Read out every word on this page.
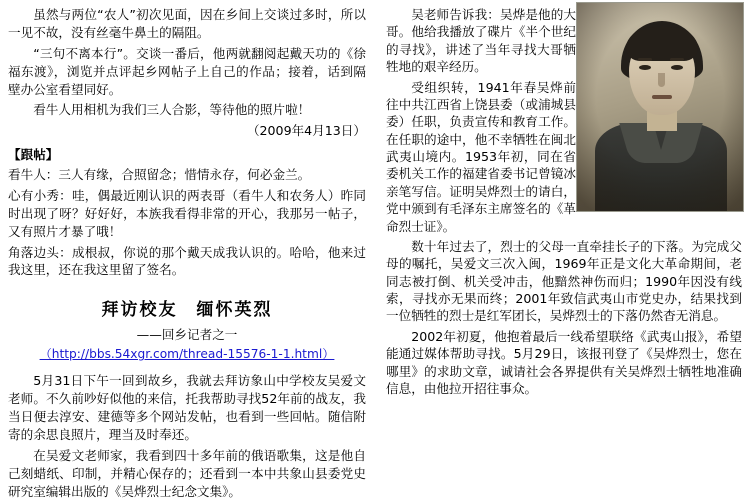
虽然与两位“农人”初次见面，因在乡间上交谈过多时，所以一见不故，没有丝毫牛鼻土的隔阻。

“三句不离本行”。交谈一番后，他两就翻阅起戴天功的《徐福东渡》，浏览并点评起乡网帖子上自己的作品；接着，话到隔壁办公室看望同好。

看牛人用相机为我们三人合影，等待他的照片啦！

（2009年4月13日）

【跟帖】

看牛人：三人有缘，合照留念；惜情永存，何必金兰。

心有小秀：哇，偶最近刚认识的两表哥（看牛人和农务人）昨同时出现了呀？好好好，本族我看得非常的开心，我那另一帖子，又有照片才暴了哦！

角落边头：成根叔，你说的那个戴天成我认识的。哈哈，他来过我这里，还在我这里留了签名。

拜访校友　缅怀英烈
——回乡记者之一
（http://bbs.54xgr.com/thread-15576-1-1.html）

5月31日下午一回到故乡，我就去拜访象山中学校友吴爱文老师。不久前吵好似他的来信，托我帮助寻找52年前的战友，我当日便去淳安、建德等多个网站发帖，也看到一些回帖。随信附寄的余思良照片，理当及时奉还。

在吴爱文老师家，我看到四十多年前的俄语歌集，这是他自己刻蜡纸、印制，并精心保存的；还看到一本中共象山县委党史研究室编辑出版的《吴烨烈士纪念文集》。

吴老师告诉我：吴烨是他的大哥。他给我播放了碟片《半个世纪的寻找》，讲述了当年寻找大哥牺牲地的艰辛经历。

受组织转，1941年春吴烨前往中共江西省上饶县委（或浦城县委）任职，负责宣传和教育工作。在任职的途中，他不幸牺牲在闽北武夷山境内。1953年初，同在省委机关工作的福建省委书记曾镜冰亲笔写信。证明吴烨烈士的请白，党中颁到有毛泽东主席签名的《革命烈士证》。

数十年过去了，烈士的父母一直牵挂长子的下落。为完成父母的嘱托，吴爱文三次入闽，1969年正是文化大革命期间，老同志被打倒、机关受冲击，他黯然神伤而归；1990年因没有线索，寻找亦无果而终；2001年致信武夷山市党史办，结果找到一位牺牲的烈士是红军团长，吴烨烈士的下落仍然杳无消息。

2002年初夏，他抱着最后一线希望联络《武夷山报》，希望能通过媒体帮助寻找。5月29日，该报刊登了《吴烨烈士，您在哪里》的求助文章，诚请社会各界提供有关吴烨烈士牺牲地准确信息，由他拉开招往事众。
